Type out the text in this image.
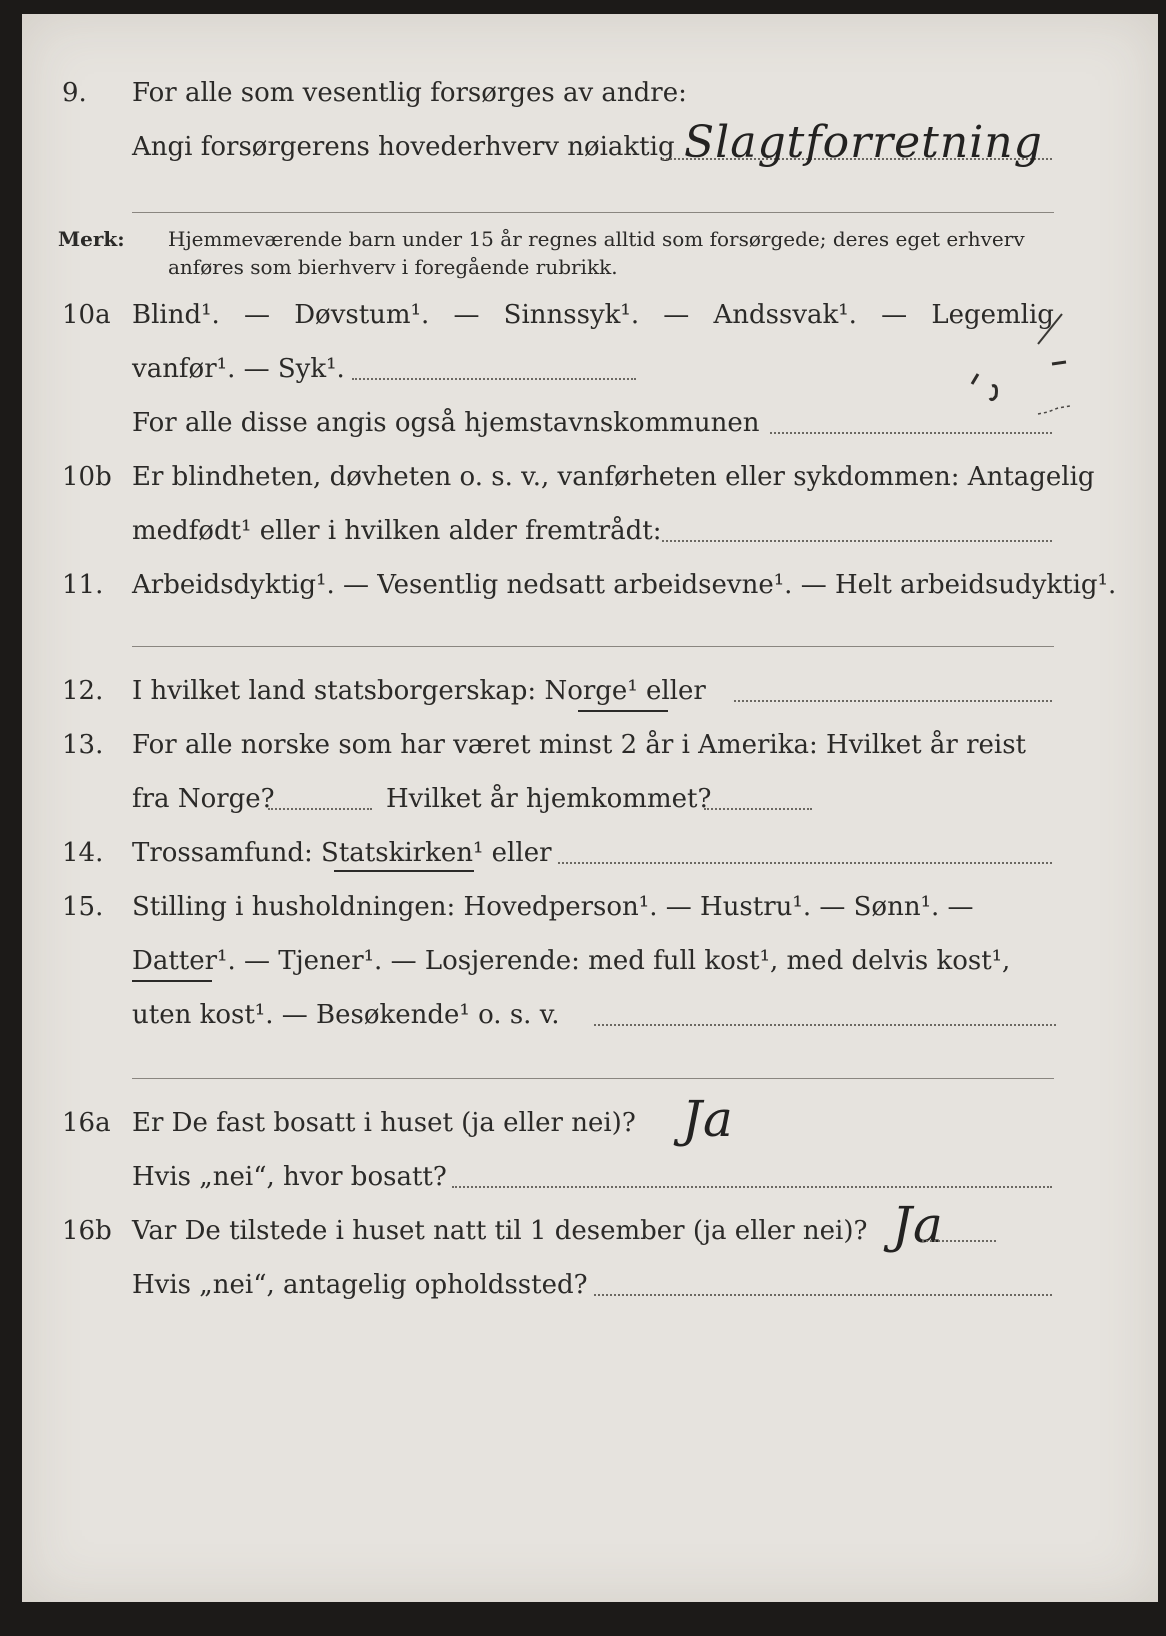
9. For alle som vesentlig forsørges av andre:
Angi forsørgerens hovederhverv nøiaktig Slagtforretning
Merk: Hjemmeværende barn under 15 år regnes alltid som forsørgede; deres eget erhverv
anføres som bierhverv i foregående rubrikk.
10a Blind¹. — Døvstum¹. — Sinnssyk¹. — Andssvak¹. — Legemlig
vanfør¹. — Syk¹.
For alle disse angis også hjemstavnskommunen
10b Er blindheten, døvheten o. s. v., vanførheten eller sykdommen: Antagelig
medfødt¹ eller i hvilken alder fremtrådt:
11. Arbeidsdyktig¹. — Vesentlig nedsatt arbeidsevne¹. — Helt arbeidsudyktig¹.
12. I hvilket land statsborgerskap: Norge¹ eller
13. For alle norske som har været minst 2 år i Amerika: Hvilket år reist
fra Norge?	Hvilket år hjemkommet?
14. Trossamfund: Statskirken¹ eller
15. Stilling i husholdningen: Hovedperson¹. — Hustru¹. — Sønn¹. —
Datter¹. — Tjener¹. — Losjerende: med full kost¹, med delvis kost¹,
uten kost¹. — Besøkende¹ o. s. v.
16a Er De fast bosatt i huset (ja eller nei)? Ja
Hvis „nei“, hvor bosatt?
16b Var De tilstede i huset natt til 1 desember (ja eller nei)? Ja
Hvis „nei“, antagelig opholdssted?
